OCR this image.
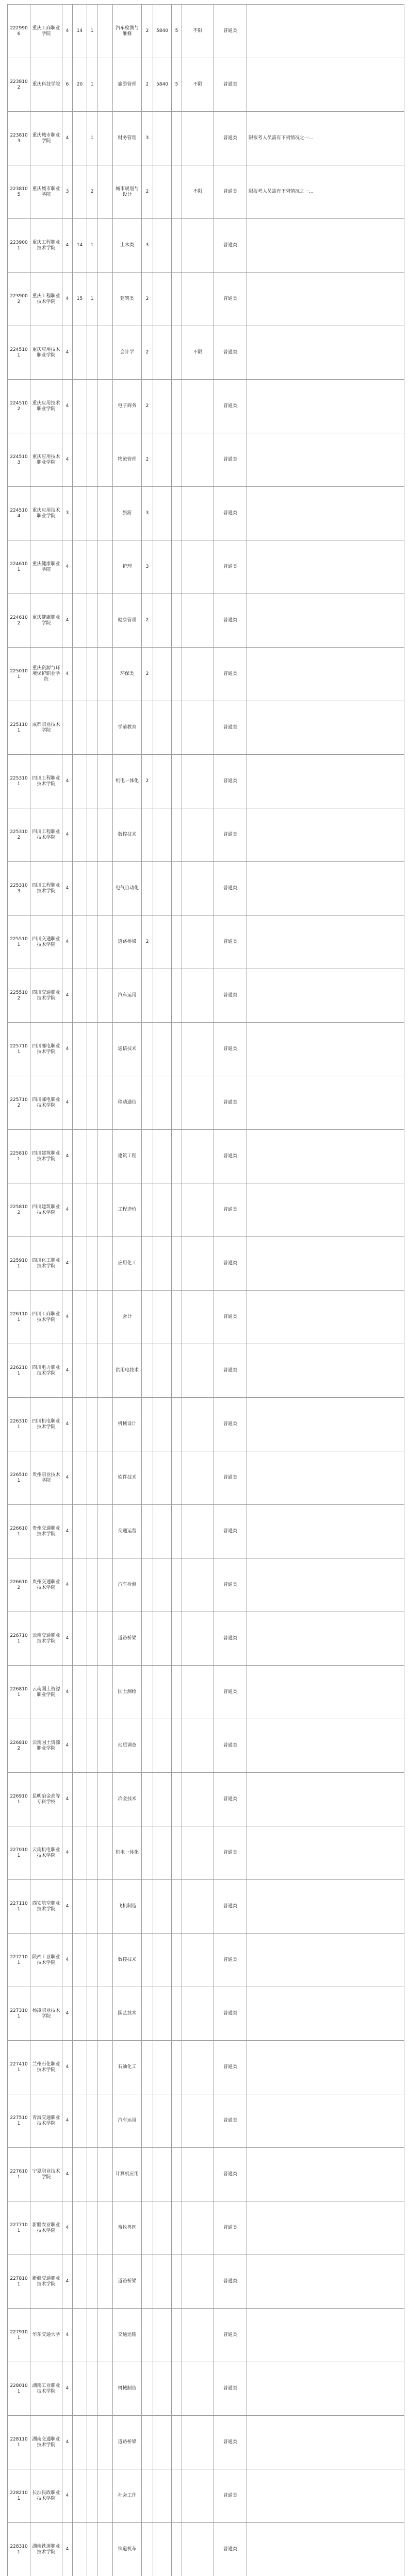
2229906	重庆工商职业学院	4	14	1		汽车检测与维修	2	5840	5	不限	普通类	
2238102	重庆科技学院	6	20	1		旅游管理	2	5840	5	不限	普通类	
2238103	重庆城市职业学院	4		1		财务管理	3				普通类	限报考人员需有下列情况之一...
2238105	重庆城市职业学院	3		2		城市规划与设计	2			不限	普通类	限报考人员需有下列情况之一...
2239001	重庆工程职业技术学院	4	14	1		土木类	3				普通类	
2239002	重庆工程职业技术学院	4	15	1		建筑类	2				普通类	
2245101	重庆应用技术职业学院	4				会计学	2			不限	普通类	
2245102	重庆应用技术职业学院	4				电子商务	2				普通类	
2245103	重庆应用技术职业学院	4				物流管理	2				普通类	
2245104	重庆应用技术职业学院	3				旅游	3				普通类	
2246101	重庆健康职业学院	4				护理	3				普通类	
2246102	重庆健康职业学院	4				健康管理	2				普通类	
2250101	重庆资源与环境保护职业学院	4				环保类	2				普通类	
2251101	成都职业技术学院					学前教育					普通类	
2253101	四川工程职业技术学院	4				机电一体化	2				普通类	
2253102	四川工程职业技术学院	4				数控技术					普通类	
2253103	四川工程职业技术学院	4				电气自动化					普通类	
2255101	四川交通职业技术学院	4				道路桥梁	2				普通类	
2255102	四川交通职业技术学院	4				汽车运用					普通类	
2257101	四川邮电职业技术学院	4				通信技术					普通类	
2257102	四川邮电职业技术学院	4				移动通信					普通类	
2258101	四川建筑职业技术学院	4				建筑工程					普通类	
2258102	四川建筑职业技术学院	4				工程造价					普通类	
2259101	四川化工职业技术学院	4				应用化工					普通类	
2261101	四川工商职业技术学院	4				会计					普通类	
2262101	四川电力职业技术学院	4				供用电技术					普通类	
2263101	四川机电职业技术学院	4				机械设计					普通类	
2265101	贵州职业技术学院	4				软件技术					普通类	
2266101	贵州交通职业技术学院	4				交通运营					普通类	
2266102	贵州交通职业技术学院	4				汽车检测					普通类	
2267101	云南交通职业技术学院	4				道路桥梁					普通类	
2268101	云南国土资源职业学院	4				国土测绘					普通类	
2268102	云南国土资源职业学院	4				地质调查					普通类	
2269101	昆明冶金高等专科学校	4				冶金技术					普通类	
2270101	云南机电职业技术学院	4				机电一体化					普通类	
2271101	西安航空职业技术学院	4				飞机制造					普通类	
2272101	陕西工业职业技术学院	4				数控技术					普通类	
2273101	杨凌职业技术学院	4				园艺技术					普通类	
2274101	兰州石化职业技术学院	4				石油化工					普通类	
2275101	青海交通职业技术学院	4				汽车运用					普通类	
2276101	宁夏职业技术学院	4				计算机应用					普通类	
2277101	新疆农业职业技术学院	4				畜牧兽医					普通类	
2278101	新疆交通职业技术学院	4				道路桥梁					普通类	
2279101	华东交通大学	4				交通运输					普通类	
2280101	湖南工业职业技术学院	4				机械制造					普通类	
2281101	湖南交通职业技术学院	4				道路桥梁					普通类	
2282101	长沙民政职业技术学院	4				社会工作					普通类	
2283101	湖南铁道职业技术学院	4				铁道机车					普通类	
